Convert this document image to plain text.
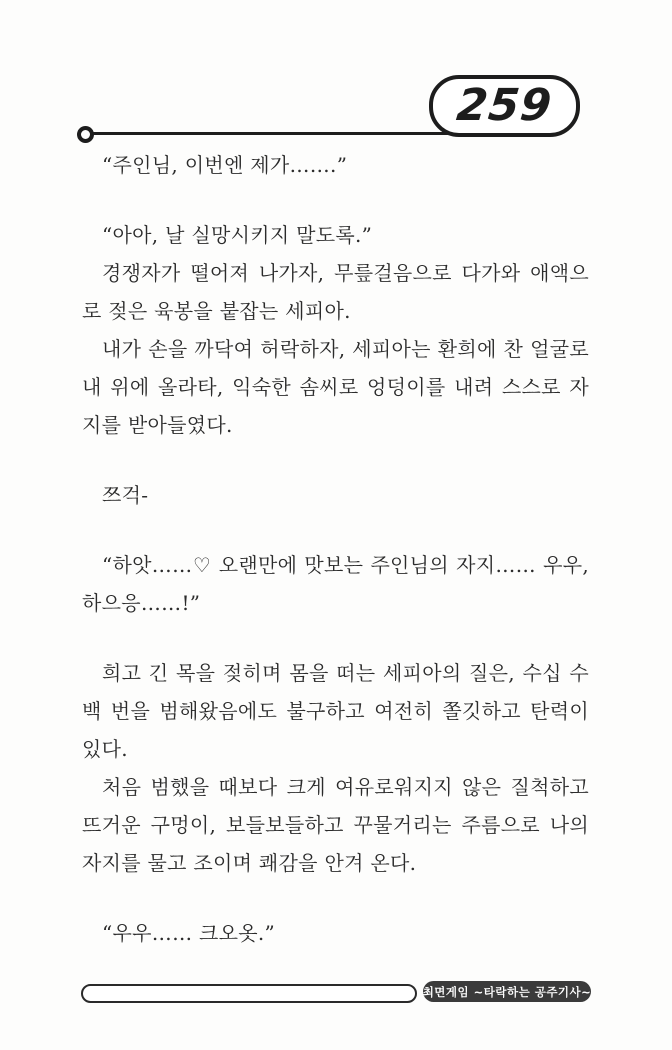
259

“주인님, 이번엔 제가…….”

“아아, 날 실망시키지 말도록.”

경쟁자가 떨어져 나가자, 무릎걸음으로 다가와 애액으로 젖은 육봉을 붙잡는 세피아.

내가 손을 까닥여 허락하자, 세피아는 환희에 찬 얼굴로 내 위에 올라타, 익숙한 솜씨로 엉덩이를 내려 스스로 자지를 받아들였다.

쯔걱-

“하앗……♡ 오랜만에 맛보는 주인님의 자지…… 우우, 하으응……!”

희고 긴 목을 젖히며 몸을 떠는 세피아의 질은, 수십 수백 번을 범해왔음에도 불구하고 여전히 쫄깃하고 탄력이 있다.

처음 범했을 때보다 크게 여유로워지지 않은 질척하고 뜨거운 구멍이, 보들보들하고 꾸물거리는 주름으로 나의 자지를 물고 조이며 쾌감을 안겨 온다.

“우우…… 크오옷.”

최면게임 ~타락하는 공주기사~
